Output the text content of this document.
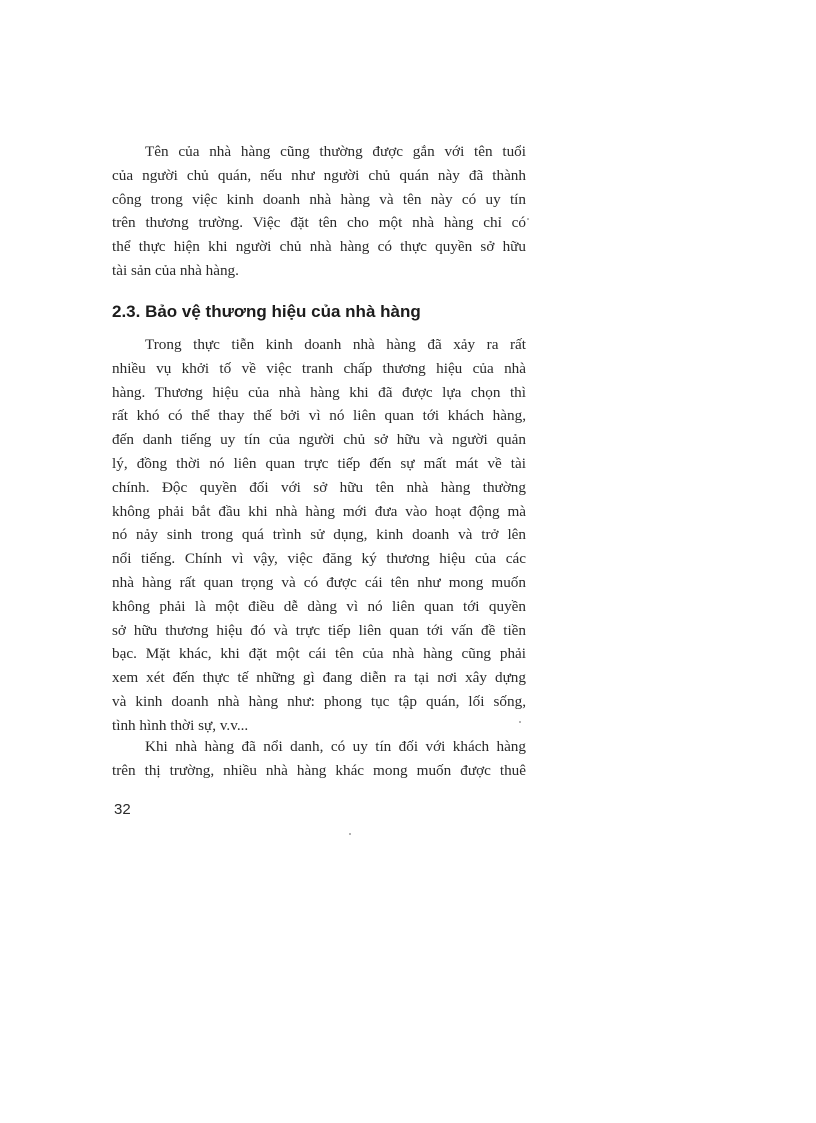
Tên của nhà hàng cũng thường được gắn với tên tuổi
của người chủ quán, nếu như người chủ quán này đã thành
công trong việc kinh doanh nhà hàng và tên này có uy tín
trên thương trường. Việc đặt tên cho một nhà hàng chỉ có
thể thực hiện khi người chủ nhà hàng có thực quyền sở hữu
tài sản của nhà hàng.
2.3. Bảo vệ thương hiệu của nhà hàng
Trong thực tiễn kinh doanh nhà hàng đã xảy ra rất
nhiều vụ khởi tố về việc tranh chấp thương hiệu của nhà
hàng. Thương hiệu của nhà hàng khi đã được lựa chọn thì
rất khó có thể thay thế bởi vì nó liên quan tới khách hàng,
đến danh tiếng uy tín của người chủ sở hữu và người quản
lý, đồng thời nó liên quan trực tiếp đến sự mất mát về tài
chính. Độc quyền đối với sở hữu tên nhà hàng thường
không phải bắt đầu khi nhà hàng mới đưa vào hoạt động mà
nó nảy sinh trong quá trình sử dụng, kinh doanh và trở lên
nổi tiếng. Chính vì vậy, việc đăng ký thương hiệu của các
nhà hàng rất quan trọng và có được cái tên như mong muốn
không phải là một điều dễ dàng vì nó liên quan tới quyền
sở hữu thương hiệu đó và trực tiếp liên quan tới vấn đề tiền
bạc. Mặt khác, khi đặt một cái tên của nhà hàng cũng phải
xem xét đến thực tế những gì đang diễn ra tại nơi xây dựng
và kinh doanh nhà hàng như: phong tục tập quán, lối sống,
tình hình thời sự, v.v...
Khi nhà hàng đã nổi danh, có uy tín đối với khách hàng
trên thị trường, nhiều nhà hàng khác mong muốn được thuê
32
